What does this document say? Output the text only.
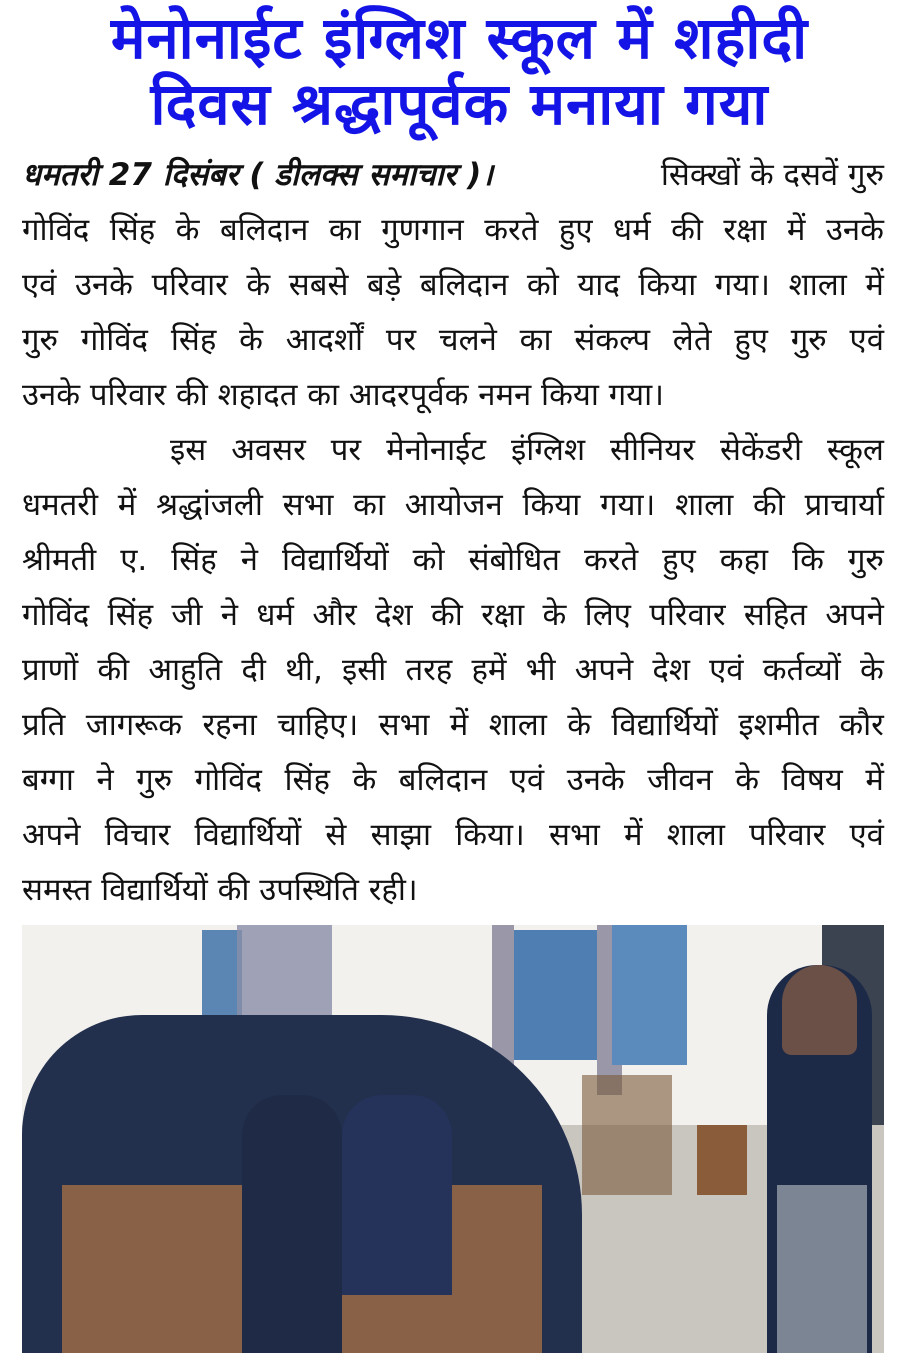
मेनोनाईट इंग्लिश स्कूल में शहीदी
दिवस श्रद्धापूर्वक मनाया गया
धमतरी 27 दिसंबर ( डीलक्स समाचार )।	सिक्खों के दसवें गुरु
गोविंद सिंह के बलिदान का गुणगान करते हुए धर्म की रक्षा में उनके
एवं उनके परिवार के सबसे बड़े बलिदान को याद किया गया। शाला में
गुरु गोविंद सिंह के आदर्शों पर चलने का संकल्प लेते हुए गुरु एवं
उनके परिवार की शहादत का आदरपूर्वक नमन किया गया।
इस अवसर पर मेनोनाईट इंग्लिश सीनियर सेकेंडरी स्कूल
धमतरी में श्रद्धांजली सभा का आयोजन किया गया। शाला की प्राचार्या
श्रीमती ए. सिंह ने विद्यार्थियों को संबोधित करते हुए कहा कि गुरु
गोविंद सिंह जी ने धर्म और देश की रक्षा के लिए परिवार सहित अपने
प्राणों की आहुति दी थी, इसी तरह हमें भी अपने देश एवं कर्तव्यों के
प्रति जागरूक रहना चाहिए। सभा में शाला के विद्यार्थियों इशमीत कौर
बग्गा ने गुरु गोविंद सिंह के बलिदान एवं उनके जीवन के विषय में
अपने विचार विद्यार्थियों से साझा किया। सभा में शाला परिवार एवं
समस्त विद्यार्थियों की उपस्थिति रही।
